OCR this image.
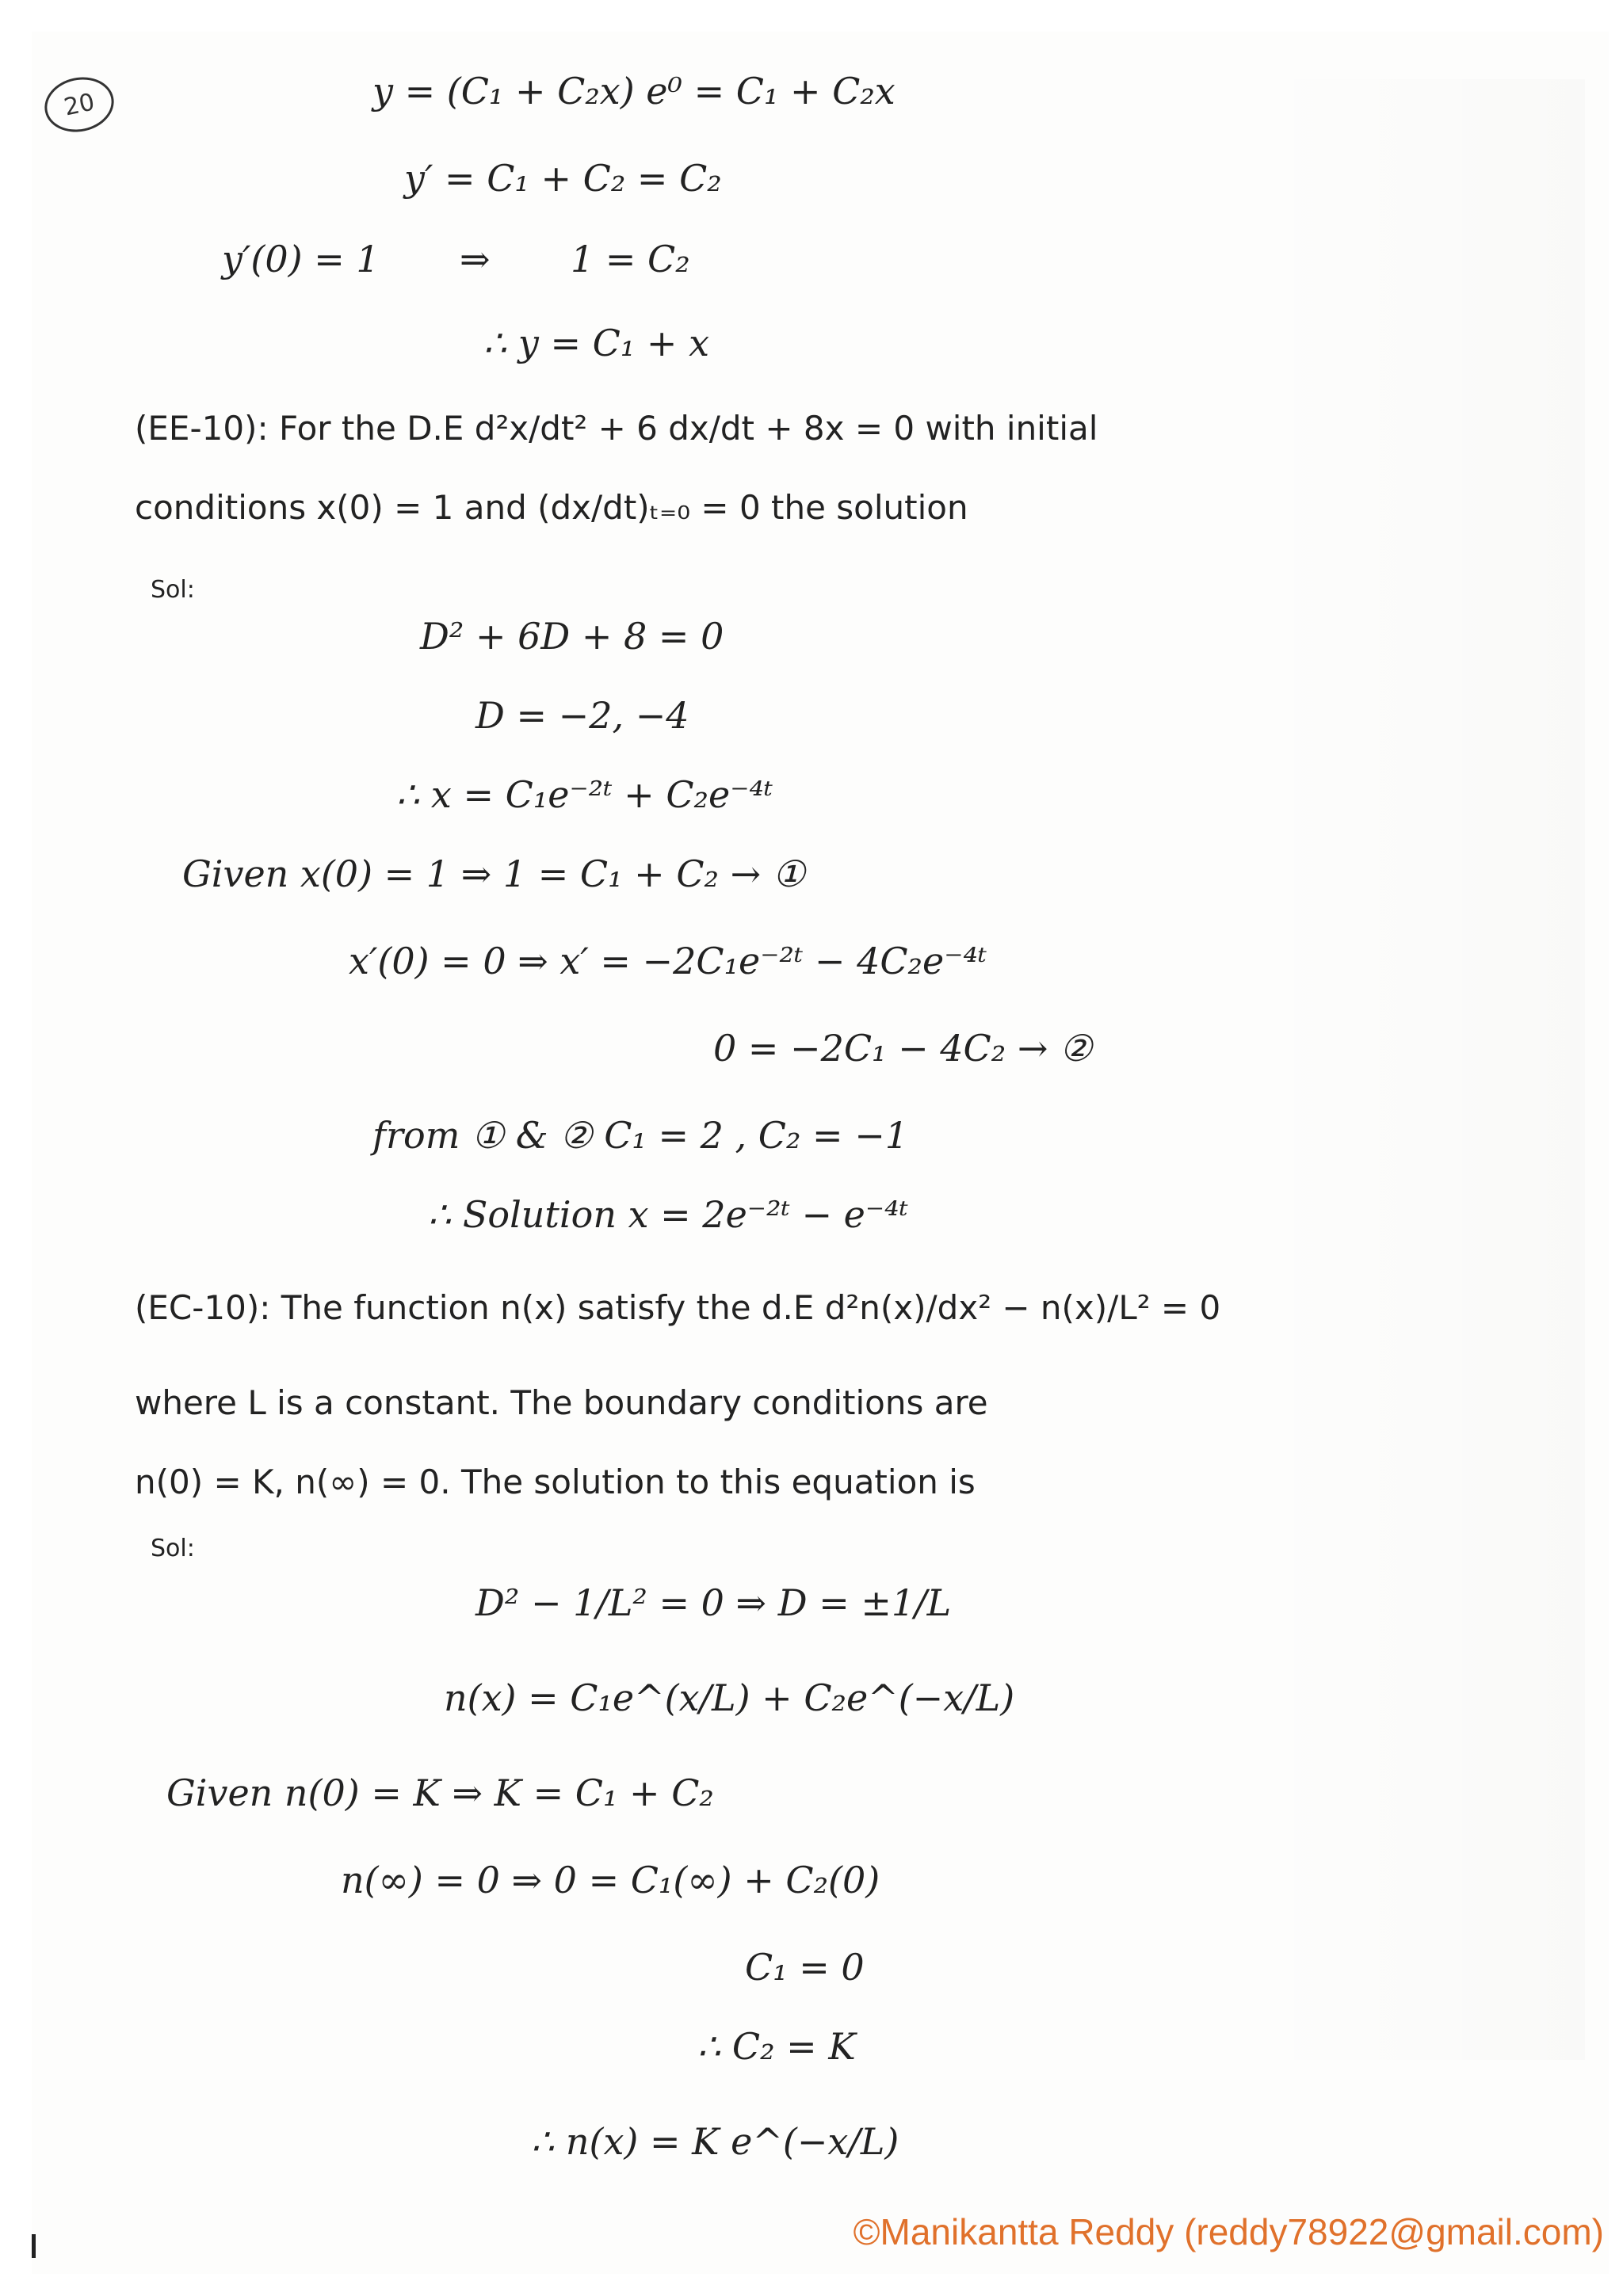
20	y = (C₁ + C₂x) e⁰ = C₁ + C₂x
y′ = C₁ + C₂ = C₂
y′(0) = 1 ⇒ 1 = C₂
∴ y = C₁ + x
(EE-10): For the D.E d²x/dt² + 6 dx/dt + 8x = 0 with initial
conditions x(0) = 1 and (dx/dt)ₜ₌₀ = 0 the solution
Sol:
D² + 6D + 8 = 0
D = −2, −4
∴ x = C₁e⁻²ᵗ + C₂e⁻⁴ᵗ
Given x(0) = 1 ⇒ 1 = C₁ + C₂ → ①
x′(0) = 0 ⇒ x′ = −2C₁e⁻²ᵗ − 4C₂e⁻⁴ᵗ
0 = −2C₁ − 4C₂ → ②
from ① & ② C₁ = 2 , C₂ = −1
∴ Solution x = 2e⁻²ᵗ − e⁻⁴ᵗ
(EC-10): The function n(x) satisfy the d.E d²n(x)/dx² − n(x)/L² = 0
where L is a constant. The boundary conditions are
n(0) = K, n(∞) = 0. The solution to this equation is
Sol:
D² − 1/L² = 0 ⇒ D = ±1/L
n(x) = C₁e^(x/L) + C₂e^(−x/L)
Given n(0) = K ⇒ K = C₁ + C₂
n(∞) = 0 ⇒ 0 = C₁(∞) + C₂(0)
C₁ = 0
∴ C₂ = K
∴ n(x) = K e^(−x/L)
©Manikantta Reddy (reddy78922@gmail.com)
